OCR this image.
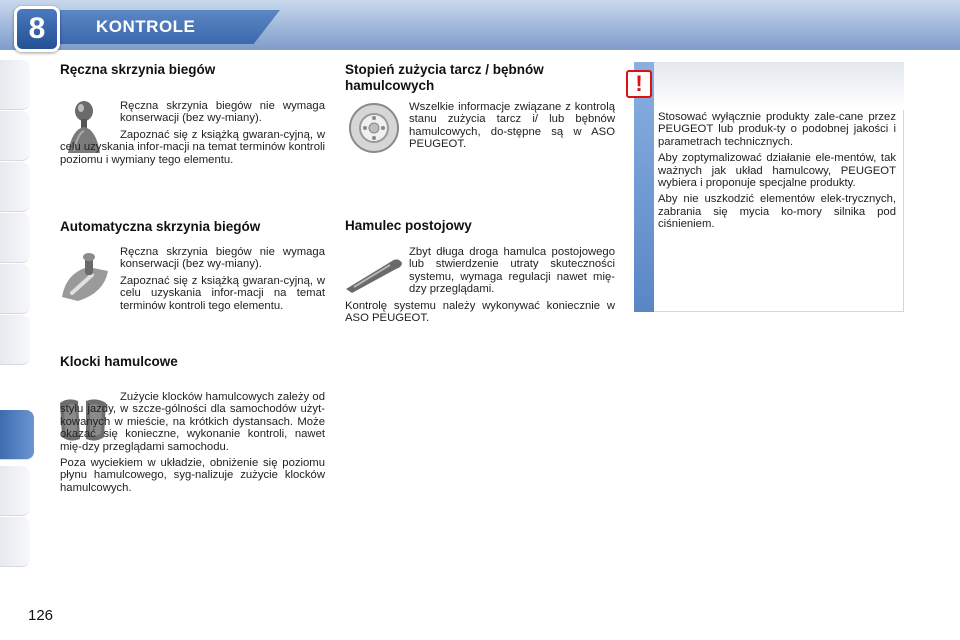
KONTROLE
8
Ręczna skrzynia biegów

Ręczna skrzynia biegów nie wymaga konserwacji (bez wy-miany).

Zapoznać się z książką gwaran-cyjną, w celu uzyskania infor-macji na temat terminów kontroli poziomu i wymiany tego elementu.

Automatyczna skrzynia biegów

Ręczna skrzynia biegów nie wymaga konserwacji (bez wy-miany).

Zapoznać się z książką gwaran-cyjną, w celu uzyskania infor-macji na temat terminów kontroli tego elementu.

Klocki hamulcowe

Zużycie klocków hamulcowych zależy od stylu jazdy, w szcze-gólności dla samochodów użyt-kowanych w mieście, na krótkich dystansach. Może okazać się konieczne, wykonanie kontroli, nawet mię-dzy przeglądami samochodu.

Poza wyciekiem w układzie, obniżenie się poziomu płynu hamulcowego, syg-nalizuje zużycie klocków hamulcowych.

Stopień zużycia tarcz / bębnów hamulcowych
Wszelkie informacje związane z kontrolą stanu zużycia tarcz i/ lub bębnów hamulcowych, do-stępne są w ASO PEUGEOT.
Hamulec postojowy

Zbyt długa droga hamulca postojowego lub stwierdzenie utraty skuteczności systemu, wymaga regulacji nawet mię-dzy przeglądami.

Kontrolę systemu należy wykonywać koniecznie w ASO PEUGEOT.

!

Stosować wyłącznie produkty zale-cane przez PEUGEOT lub produk-ty o podobnej jakości i parametrach technicznych.

Aby zoptymalizować działanie ele-mentów, tak ważnych jak układ hamulcowy, PEUGEOT wybiera i proponuje specjalne produkty.

Aby nie uszkodzić elementów elek-trycznych, zabrania się mycia ko-mory silnika pod ciśnieniem.

126
